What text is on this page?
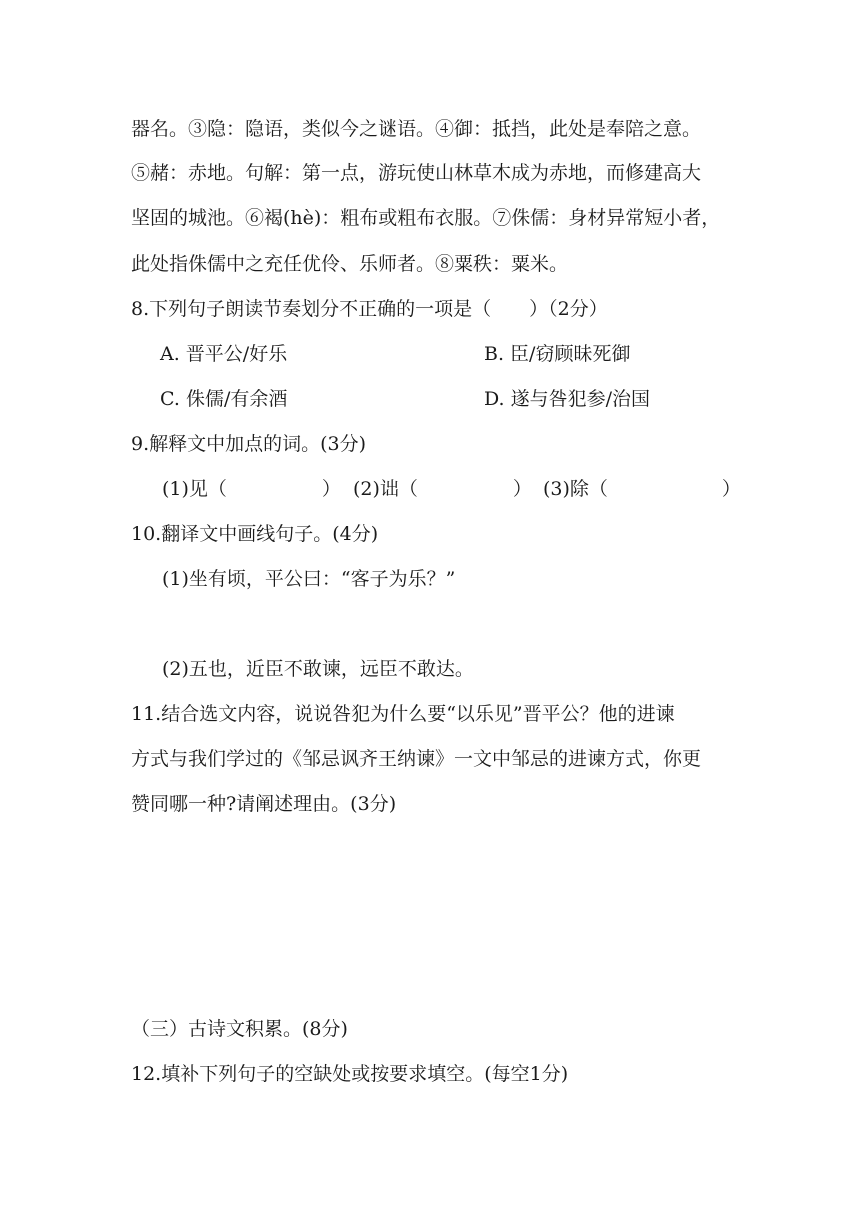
器名。③隐：隐语，类似今之谜语。④御：抵挡，此处是奉陪之意。
⑤赭：赤地。句解：第一点，游玩使山林草木成为赤地，而修建高大
坚固的城池。⑥褐(hè)：粗布或粗布衣服。⑦侏儒：身材异常短小者，
此处指侏儒中之充任优伶、乐师者。⑧粟秩：粟米。
8.下列句子朗读节奏划分不正确的一项是（　　）（2分）
A. 晋平公/好乐	B. 臣/窃顾昧死御
C. 侏儒/有余酒	D. 遂与咎犯参/治国
9.解释文中加点的词。(3分)
(1)见（　　　　　） (2)诎（　　　　　） (3)除（　　　　　　）
10.翻译文中画线句子。(4分)
(1)坐有顷，平公曰：“客子为乐？”
(2)五也，近臣不敢谏，远臣不敢达。
11.结合选文内容，说说咎犯为什么要“以乐见”晋平公？他的进谏
方式与我们学过的《邹忌讽齐王纳谏》一文中邹忌的进谏方式，你更
赞同哪一种?请阐述理由。(3分)
（三）古诗文积累。(8分)
12.填补下列句子的空缺处或按要求填空。(每空1分)
